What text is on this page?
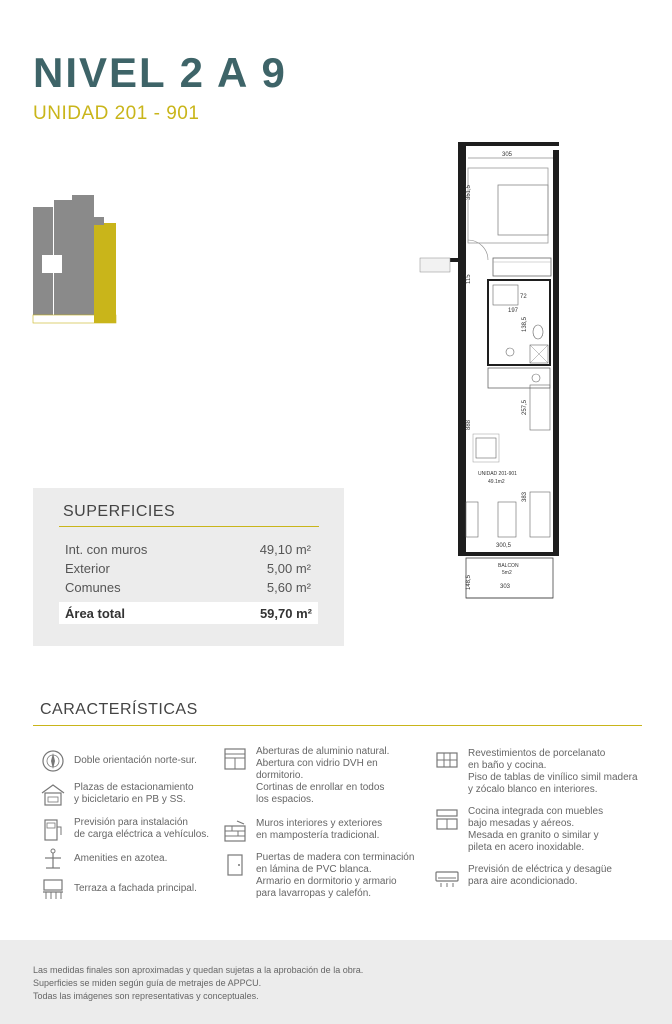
NIVEL 2 A 9
UNIDAD 201 - 901
305
351,5
115
72
197
138,5
257,5
888
UNIDAD 201-901
49.1m2
383
300,5
BALCON
5m2
148,5	303
SUPERFICIES
Int. con muros	49,10 m²
Exterior	5,00 m²
Comunes	5,60 m²
Área total	59,70 m²
CARACTERÍSTICAS
Doble orientación norte-sur.
Plazas de estacionamiento
y bicicletario en PB y SS.
Previsión para instalación
de carga eléctrica a vehículos.
Amenities en azotea.
Terraza a fachada principal.
Aberturas de aluminio natural.
Abertura con vidrio DVH en
dormitorio.
Cortinas de enrollar en todos
los espacios.
Muros interiores y exteriores
en mampostería tradicional.
Puertas de madera con terminación
en lámina de PVC blanca.
Armario en dormitorio y armario
para lavarropas y calefón.
Revestimientos de porcelanato
en baño y cocina.
Piso de tablas de vinílico simil madera
y zócalo blanco en interiores.
Cocina integrada con muebles
bajo mesadas y aéreos.
Mesada en granito o similar y
pileta en acero inoxidable.
Previsión de eléctrica y desagüe
para aire acondicionado.
Las medidas finales son aproximadas y quedan sujetas a la aprobación de la obra.
Superficies se miden según guía de metrajes de APPCU.
Todas las imágenes son representativas y conceptuales.
